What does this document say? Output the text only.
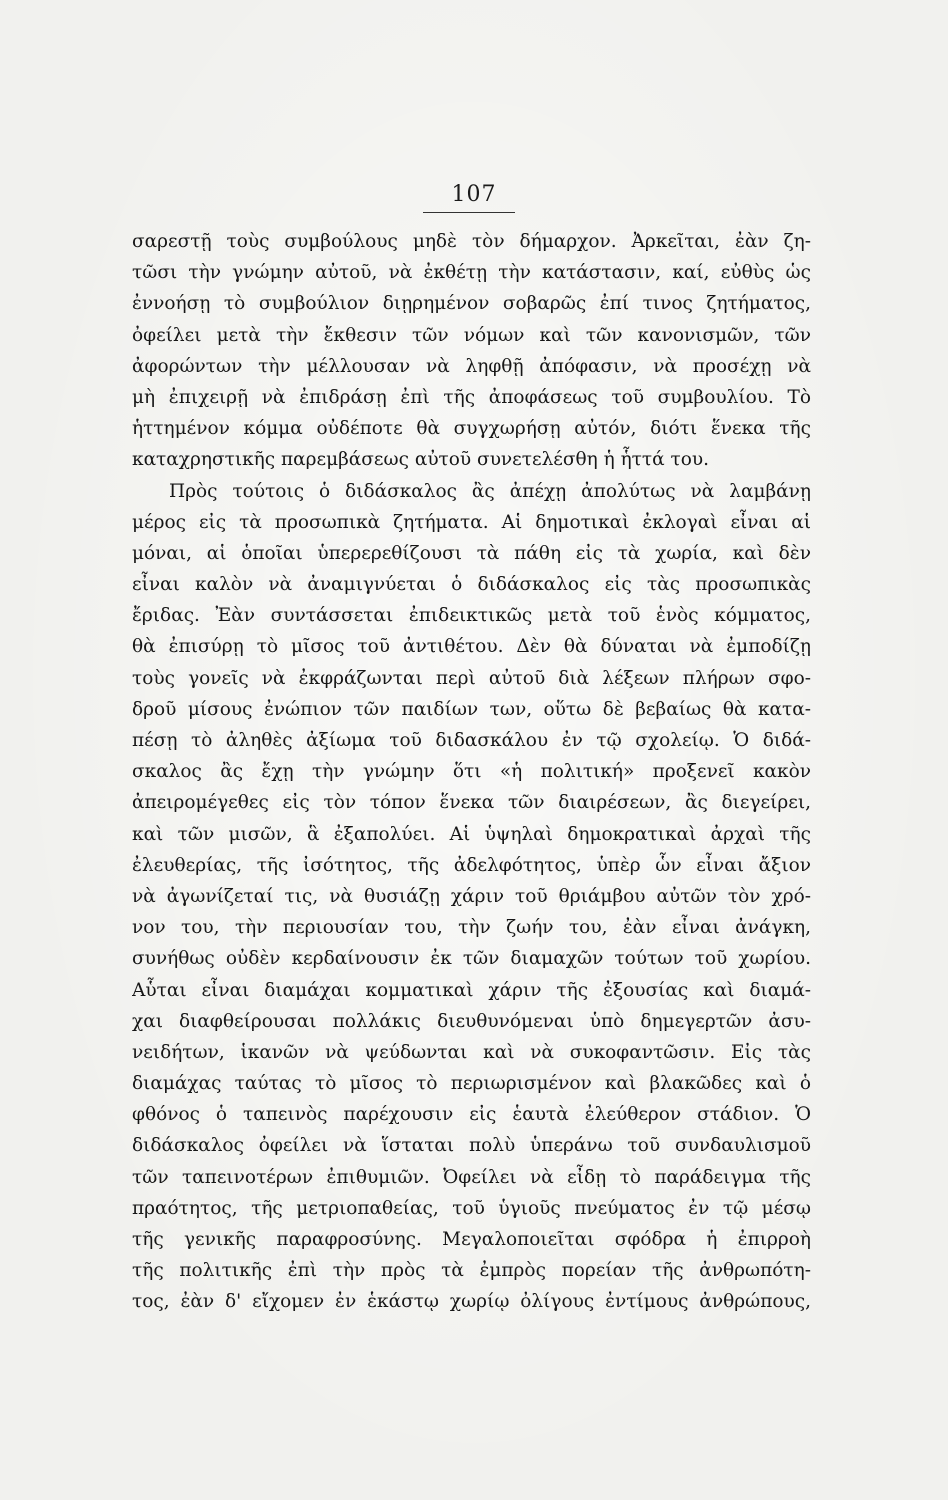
107
σαρεστῇ τοὺς συμβούλους μηδὲ τὸν δήμαρχον. Ἀρκεῖται, ἐὰν ζη-
τῶσι τὴν γνώμην αὐτοῦ, νὰ ἐκθέτῃ τὴν κατάστασιν, καί, εὐθὺς ὡς
ἐννοήσῃ τὸ συμβούλιον διῃρημένον σοβαρῶς ἐπί τινος ζητήματος,
ὀφείλει μετὰ τὴν ἔκθεσιν τῶν νόμων καὶ τῶν κανονισμῶν, τῶν
ἀφορώντων τὴν μέλλουσαν νὰ ληφθῇ ἀπόφασιν, νὰ προσέχῃ νὰ
μὴ ἐπιχειρῇ νὰ ἐπιδράσῃ ἐπὶ τῆς ἀποφάσεως τοῦ συμβουλίου. Τὸ
ἡττημένον κόμμα οὐδέποτε θὰ συγχωρήσῃ αὐτόν, διότι ἕνεκα τῆς
καταχρηστικῆς παρεμβάσεως αὐτοῦ συνετελέσθη ἡ ἧττά του.
Πρὸς τούτοις ὁ διδάσκαλος ἂς ἀπέχῃ ἀπολύτως νὰ λαμβάνῃ
μέρος εἰς τὰ προσωπικὰ ζητήματα. Αἱ δημοτικαὶ ἐκλογαὶ εἶναι αἱ
μόναι, αἱ ὁποῖαι ὑπερερεθίζουσι τὰ πάθη εἰς τὰ χωρία, καὶ δὲν
εἶναι καλὸν νὰ ἀναμιγνύεται ὁ διδάσκαλος εἰς τὰς προσωπικὰς
ἔριδας. Ἐὰν συντάσσεται ἐπιδεικτικῶς μετὰ τοῦ ἑνὸς κόμματος,
θὰ ἐπισύρῃ τὸ μῖσος τοῦ ἀντιθέτου. Δὲν θὰ δύναται νὰ ἐμποδίζῃ
τοὺς γονεῖς νὰ ἐκφράζωνται περὶ αὐτοῦ διὰ λέξεων πλήρων σφο-
δροῦ μίσους ἐνώπιον τῶν παιδίων των, οὕτω δὲ βεβαίως θὰ κατα-
πέσῃ τὸ ἀληθὲς ἀξίωμα τοῦ διδασκάλου ἐν τῷ σχολείῳ. Ὁ διδά-
σκαλος ἂς ἔχῃ τὴν γνώμην ὅτι «ἡ πολιτική» προξενεῖ κακὸν
ἀπειρομέγεθες εἰς τὸν τόπον ἕνεκα τῶν διαιρέσεων, ἂς διεγείρει,
καὶ τῶν μισῶν, ἃ ἐξαπολύει. Αἱ ὑψηλαὶ δημοκρατικαὶ ἀρχαὶ τῆς
ἐλευθερίας, τῆς ἰσότητος, τῆς ἀδελφότητος, ὑπὲρ ὧν εἶναι ἄξιον
νὰ ἀγωνίζεταί τις, νὰ θυσιάζῃ χάριν τοῦ θριάμβου αὐτῶν τὸν χρό-
νον του, τὴν περιουσίαν του, τὴν ζωήν του, ἐὰν εἶναι ἀνάγκη,
συνήθως οὐδὲν κερδαίνουσιν ἐκ τῶν διαμαχῶν τούτων τοῦ χωρίου.
Αὗται εἶναι διαμάχαι κομματικαὶ χάριν τῆς ἐξουσίας καὶ διαμά-
χαι διαφθείρουσαι πολλάκις διευθυνόμεναι ὑπὸ δημεγερτῶν ἀσυ-
νειδήτων, ἱκανῶν νὰ ψεύδωνται καὶ νὰ συκοφαντῶσιν. Εἰς τὰς
διαμάχας ταύτας τὸ μῖσος τὸ περιωρισμένον καὶ βλακῶδες καὶ ὁ
φθόνος ὁ ταπεινὸς παρέχουσιν εἰς ἑαυτὰ ἐλεύθερον στάδιον. Ὁ
διδάσκαλος ὀφείλει νὰ ἵσταται πολὺ ὑπεράνω τοῦ συνδαυλισμοῦ
τῶν ταπεινοτέρων ἐπιθυμιῶν. Ὀφείλει νὰ εἶδῃ τὸ παράδειγμα τῆς
πραότητος, τῆς μετριοπαθείας, τοῦ ὑγιοῦς πνεύματος ἐν τῷ μέσῳ
τῆς γενικῆς παραφροσύνης. Μεγαλοποιεῖται σφόδρα ἡ ἐπιρροὴ
τῆς πολιτικῆς ἐπὶ τὴν πρὸς τὰ ἐμπρὸς πορείαν τῆς ἀνθρωπότη-
τος, ἐὰν δ' εἴχομεν ἐν ἑκάστῳ χωρίῳ ὀλίγους ἐντίμους ἀνθρώπους,
